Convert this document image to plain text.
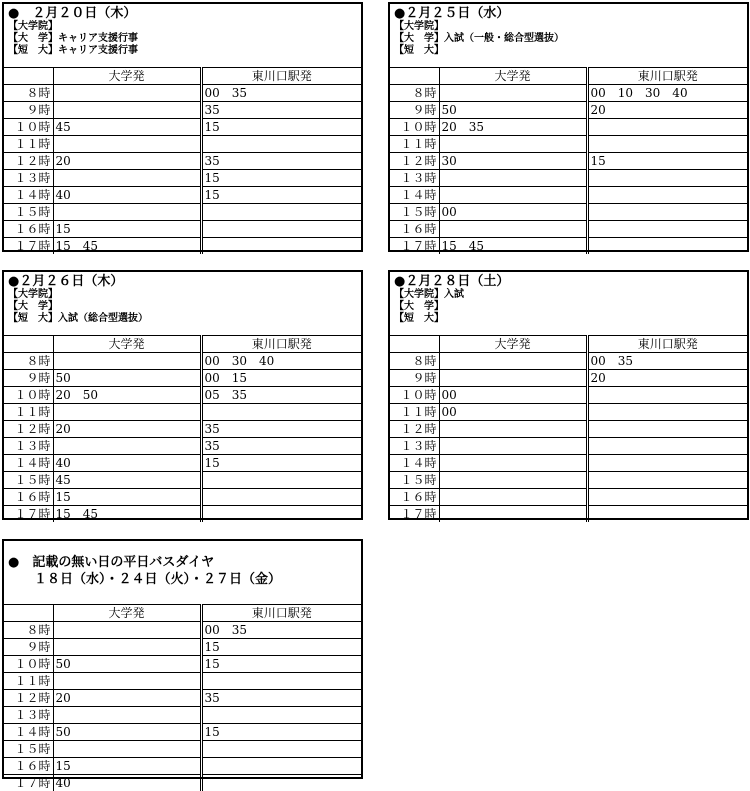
●　２月２０日（木）
【大学院】
【大　学】キャリア支援行事
【短　大】キャリア支援行事
	大学発	東川口駅発
８時		00　35
９時		35
１０時	45	15
１１時		
１２時	20	35
１３時		15
１４時	40	15
１５時		
１６時	15	
１７時	15　45	
●２月２５日（水）
【大学院】
【大　学】入試（一般・総合型選抜）
【短　大】
	大学発	東川口駅発
８時		00　10　30　40
９時	50	20
１０時	20　35	
１１時		
１２時	30	15
１３時		
１４時		
１５時	00	
１６時		
１７時	15　45	
●２月２６日（木）
【大学院】
【大　学】
【短　大】入試（総合型選抜）
	大学発	東川口駅発
８時		00　30　40
９時	50	00　15
１０時	20　50	05　35
１１時		
１２時	20	35
１３時		35
１４時	40	15
１５時	45	
１６時	15	
１７時	15　45	
●２月２８日（土）
【大学院】入試
【大　学】
【短　大】
	大学発	東川口駅発
８時		00　35
９時		20
１０時	00	
１１時	00	
１２時		
１３時		
１４時		
１５時		
１６時		
１７時		
●　記載の無い日の平日バスダイヤ
　　１８日（水）・２４日（火）・２７日（金）
	大学発	東川口駅発
８時		00　35
９時		15
１０時	50	15
１１時		
１２時	20	35
１３時		
１４時	50	15
１５時		
１６時	15	
１７時	40	
